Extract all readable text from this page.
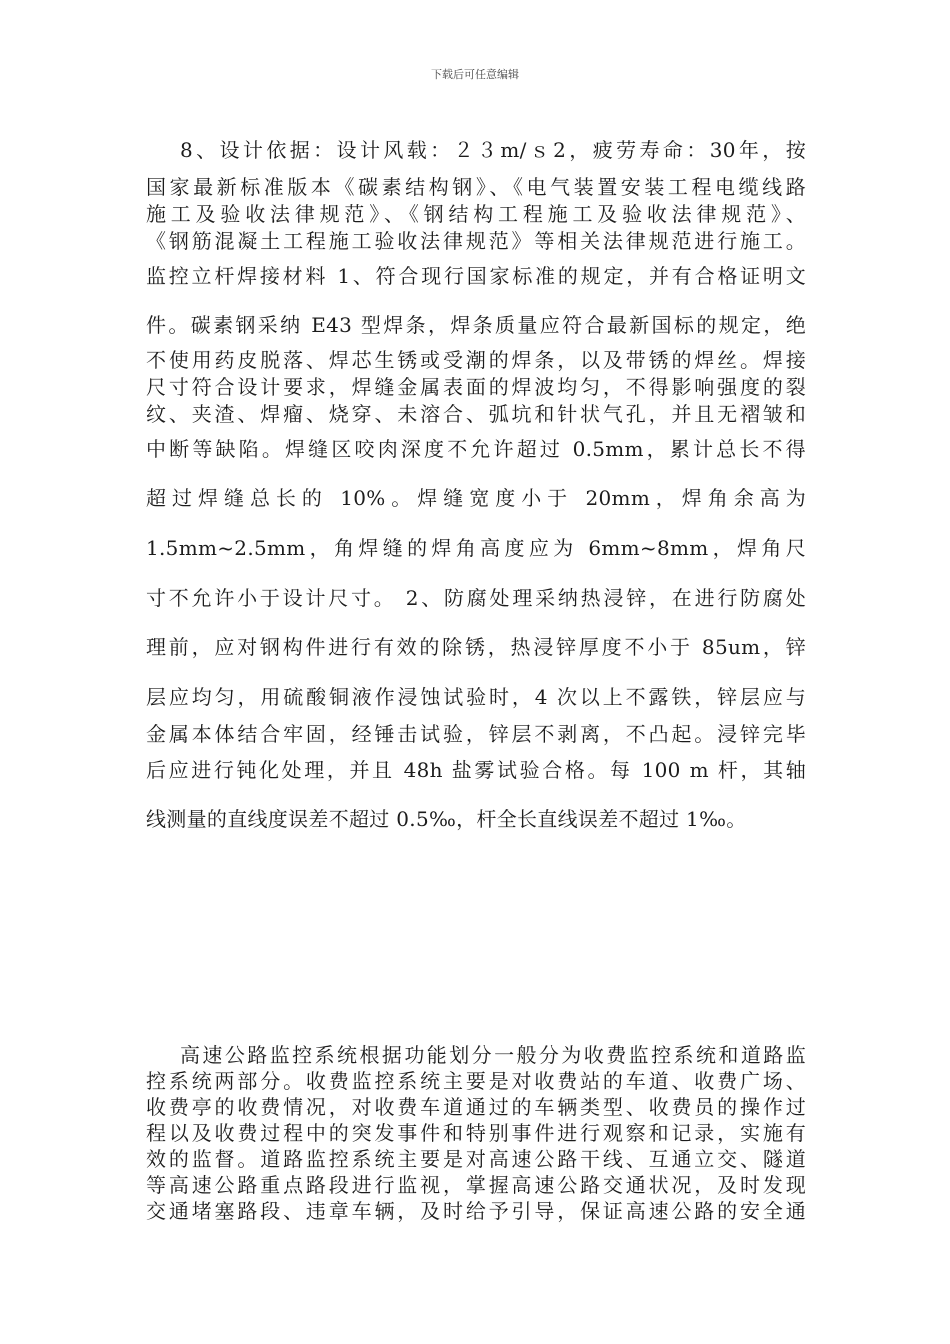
下载后可任意编辑
8、设计依据：设计风载：２３m/ｓ2，疲劳寿命：30年，按
国家最新标准版本《碳素结构钢》、《电气装置安装工程电缆线路
施工及验收法律规范》、《钢结构工程施工及验收法律规范》、
《钢筋混凝土工程施工验收法律规范》等相关法律规范进行施工。
监控立杆焊接材料 1、符合现行国家标准的规定，并有合格证明文
件。碳素钢采纳 E43 型焊条，焊条质量应符合最新国标的规定，绝
不使用药皮脱落、焊芯生锈或受潮的焊条，以及带锈的焊丝。焊接
尺寸符合设计要求，焊缝金属表面的焊波均匀，不得影响强度的裂
纹、夹渣、焊瘤、烧穿、未溶合、弧坑和针状气孔，并且无褶皱和
中断等缺陷。焊缝区咬肉深度不允许超过 0.5mm，累计总长不得
超过焊缝总长的 10%。焊缝宽度小于 20mm，焊角余高为
1.5mm~2.5mm，角焊缝的焊角高度应为 6mm~8mm，焊角尺
寸不允许小于设计尺寸。 2、防腐处理采纳热浸锌，在进行防腐处
理前，应对钢构件进行有效的除锈，热浸锌厚度不小于 85um，锌
层应均匀，用硫酸铜液作浸蚀试验时，4 次以上不露铁，锌层应与
金属本体结合牢固，经锤击试验，锌层不剥离，不凸起。浸锌完毕
后应进行钝化处理，并且 48h 盐雾试验合格。每 100 m 杆，其轴
线测量的直线度误差不超过 0.5‰，杆全长直线误差不超过 1‰。
高速公路监控系统根据功能划分一般分为收费监控系统和道路监
控系统两部分。收费监控系统主要是对收费站的车道、收费广场、
收费亭的收费情况，对收费车道通过的车辆类型、收费员的操作过
程以及收费过程中的突发事件和特别事件进行观察和记录，实施有
效的监督。道路监控系统主要是对高速公路干线、互通立交、隧道
等高速公路重点路段进行监视，掌握高速公路交通状况，及时发现
交通堵塞路段、违章车辆，及时给予引导，保证高速公路的安全通
